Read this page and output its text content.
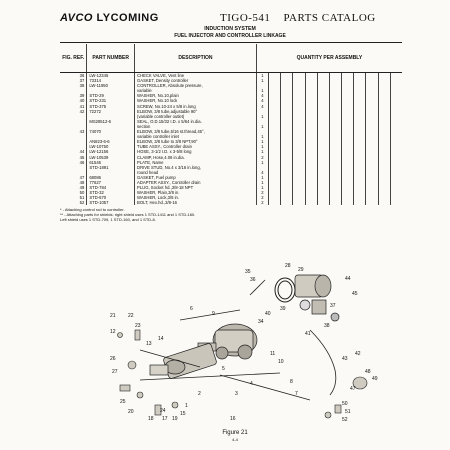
AVCO LYCOMING	TIGO-541 PARTS CATALOG
INDUCTION SYSTEM
FUEL INJECTOR AND CONTROLLER LINKAGE
FIG. REF.	PART NUMBER	DESCRIPTION	QUANTITY PER ASSEMBLY											
36	LW-12345	CHECK VALVE, Vent line	1											
37	73314	GASKET, Density controller	1											
38	LW-11950	CONTROLLER, Absolute pressure,												
		variable	1											
39	STD-29	WASHER, No.10,plain	4											
40	STD-231	WASHER, No.10 lock	4											
41	STD-375	SCREW, No.10-24 x 5/8 in.long	4											
42	72272	ELBOW, 3/8 tube,adjustable 90°												
		(variable controller outlet)	1											
	MS28512-6	SEAL, O.D.15/32 I.D. x 5/64 in.dia.												
		section	1											
43	74070	ELBOW, 3/8 tube,5/16 st.thread,45°,												
		variable controller inlet	1											
	AN823-6-6	ELBOW, 3/8 tube to 3/8 NPT,90°	1											
	LW-10750	TUBE ASSY., Controller drain	1											
44	LW-12156	HOSE, 3-1/2 I.D. x 3-5/8 long	1											
45	LW-10539	CLAMP, Hose,4.06 in.dia.	2											
46	61546	PLATE, Name	1											
	STD-1891	DRIVE STUD, No.4 x 3/16 in.long,												
		round head	4											
47	68086	GASKET, Fuel pump	1											
48	77627	ADAPTER ASSY., Controller drain	1											
49	STD-784	PLUG, Socket hd.,3/8-18 NPT	1											
50	STD-32	WASHER, Plain,3/8 in.	2											
51	STD-670	WASHER, Lock,3/8 in.	2											
52	STD-1057	BOLT, Hex.hd.,3/8-16	2											
* - Attaching control rod to controller.
** - Attaching parts for shields: right shield uses 1 STD-1411 and 1 STD-160.
Left shield uses 1 STD-709, 1 STD-160, and 1 STD-8.
35
36
28
29
44
45
37
38
39
40
41
21 22
23
43
42
34
47
48
49
50
51
52
12
6
9
14
13
26
27
25
20
18 17 19
15
1
2	3
4	8
10
11
16
24
5
7
Figure 21
4-4
